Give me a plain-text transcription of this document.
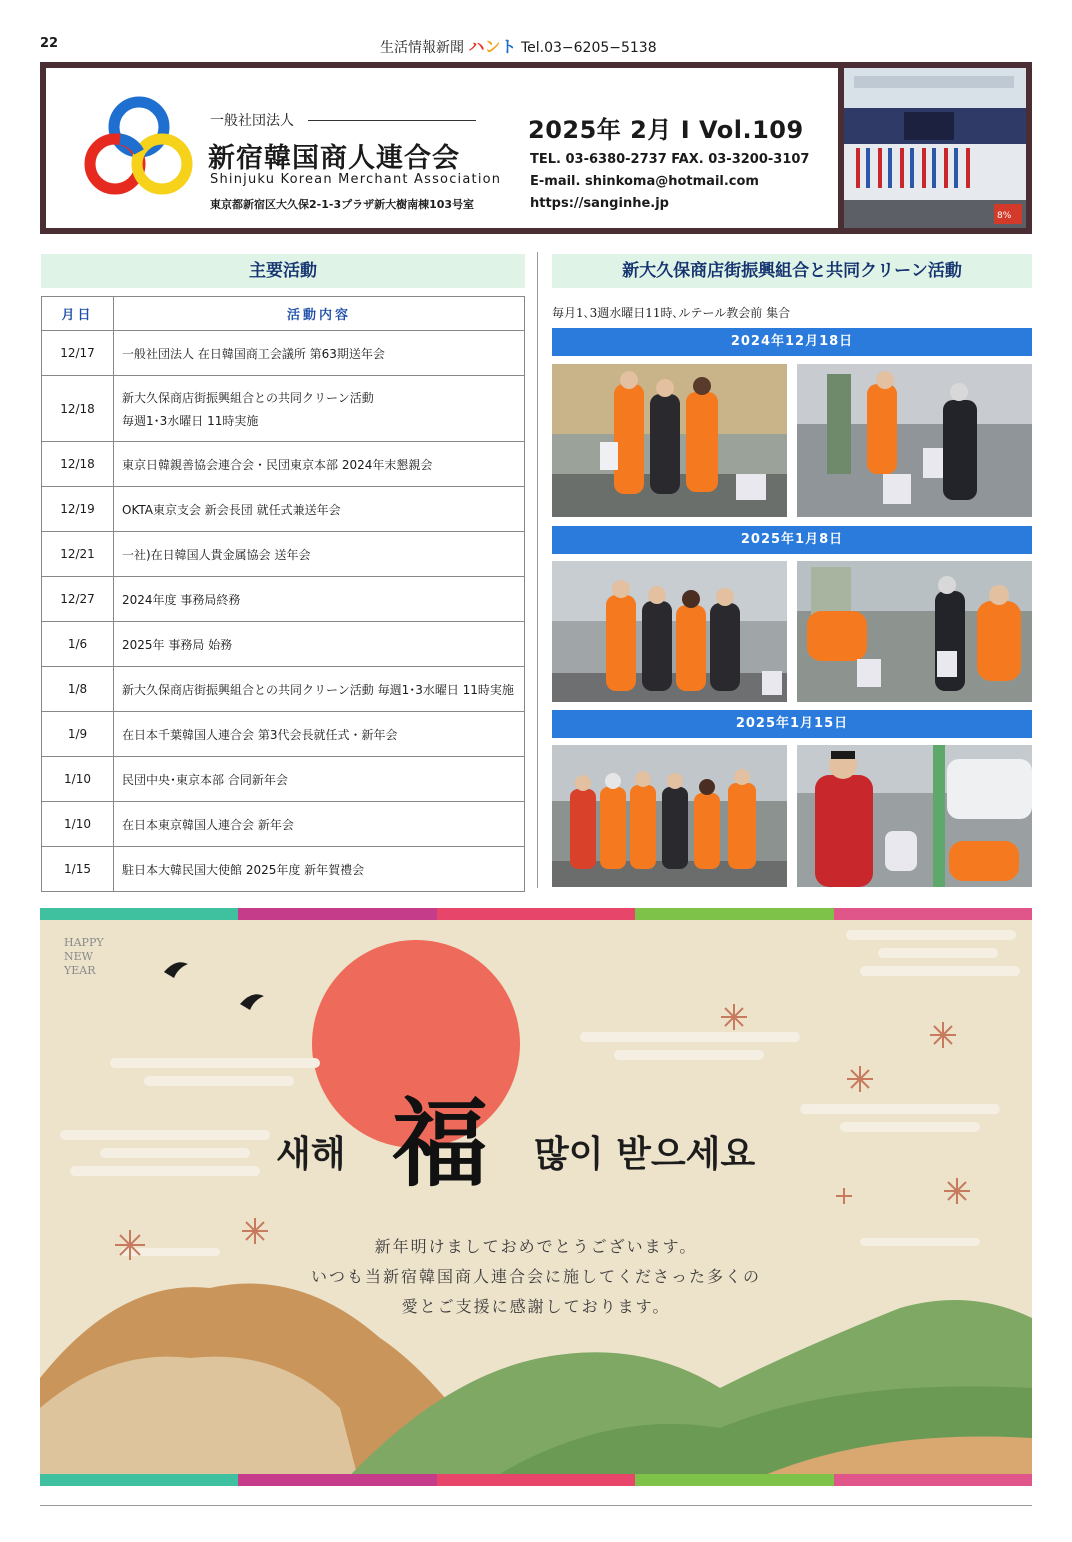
22	生活情報新聞 ハント Tel.03−6205−5138
一般社団法人
新宿韓国商人連合会
Shinjuku Korean Merchant Association
東京都新宿区大久保2-1-3プラザ新大樹南棟103号室
2025年 2月 Ⅰ Vol.109
TEL. 03-6380-2737 FAX. 03-3200-3107
E-mail. shinkoma@hotmail.com
https://sanginhe.jp
8%
主要活動
月日	活動内容
12/17	一般社団法人 在日韓国商工会議所 第63期送年会
12/18	新大久保商店街振興組合との共同クリーン活動
毎週1･3水曜日 11時実施

12/18	東京日韓親善協会連合会・民団東京本部 2024年末懇親会
12/19	OKTA東京支会 新会長団 就任式兼送年会
12/21	一社)在日韓国人貴金属協会 送年会
12/27	2024年度 事務局終務
1/6	2025年 事務局 始務
1/8	新大久保商店街振興組合との共同クリーン活動 毎週1･3水曜日 11時実施
1/9	在日本千葉韓国人連合会 第3代会長就任式・新年会
1/10	民団中央･東京本部 合同新年会
1/10	在日本東京韓国人連合会 新年会
1/15	駐日本大韓民国大使館 2025年度 新年賀禮会
新大久保商店街振興組合と共同クリーン活動
毎月1､3週水曜日11時､ルテール教会前 集合
2024年12月18日
2025年1月8日
2025年1月15日
HAPPY
NEW
YEAR
새해 福 많이 받으세요
新年明けましておめでとうございます。
いつも当新宿韓国商人連合会に施してくださった多くの
愛とご支援に感謝しております。
